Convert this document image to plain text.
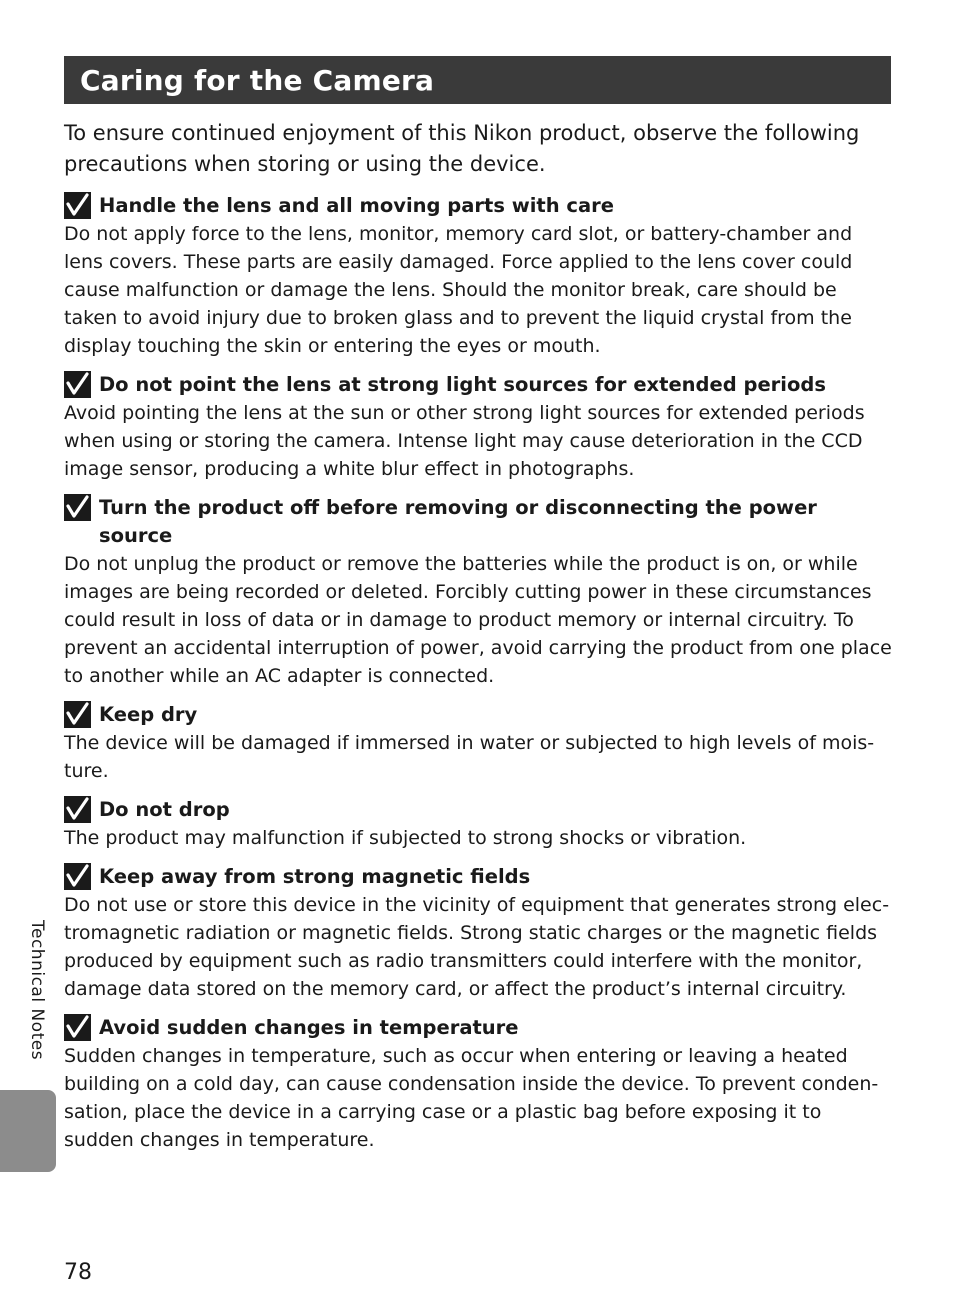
Caring for the Camera

To ensure continued enjoyment of this Nikon product, observe the following precautions when storing or using the device.

Handle the lens and all moving parts with care

Do not apply force to the lens, monitor, memory card slot, or battery-chamber and lens covers. These parts are easily damaged. Force applied to the lens cover could cause malfunction or damage the lens. Should the monitor break, care should be taken to avoid injury due to broken glass and to prevent the liquid crystal from the display touching the skin or entering the eyes or mouth.

Do not point the lens at strong light sources for extended periods

Avoid pointing the lens at the sun or other strong light sources for extended periods when using or storing the camera. Intense light may cause deterioration in the CCD image sensor, producing a white blur effect in photographs.

Turn the product off before removing or disconnecting the power source

Do not unplug the product or remove the batteries while the product is on, or while images are being recorded or deleted. Forcibly cutting power in these circumstances could result in loss of data or in damage to product memory or internal circuitry. To prevent an accidental interruption of power, avoid carrying the product from one place to another while an AC adapter is connected.

Keep dry

The device will be damaged if immersed in water or subjected to high levels of mois-ture.

Do not drop

The product may malfunction if subjected to strong shocks or vibration.

Keep away from strong magnetic fields

Do not use or store this device in the vicinity of equipment that generates strong elec-tromagnetic radiation or magnetic fields. Strong static charges or the magnetic fields produced by equipment such as radio transmitters could interfere with the monitor, damage data stored on the memory card, or affect the product’s internal circuitry.

Avoid sudden changes in temperature

Sudden changes in temperature, such as occur when entering or leaving a heated building on a cold day, can cause condensation inside the device. To prevent conden-sation, place the device in a carrying case or a plastic bag before exposing it to sudden changes in temperature.

Technical Notes

78
